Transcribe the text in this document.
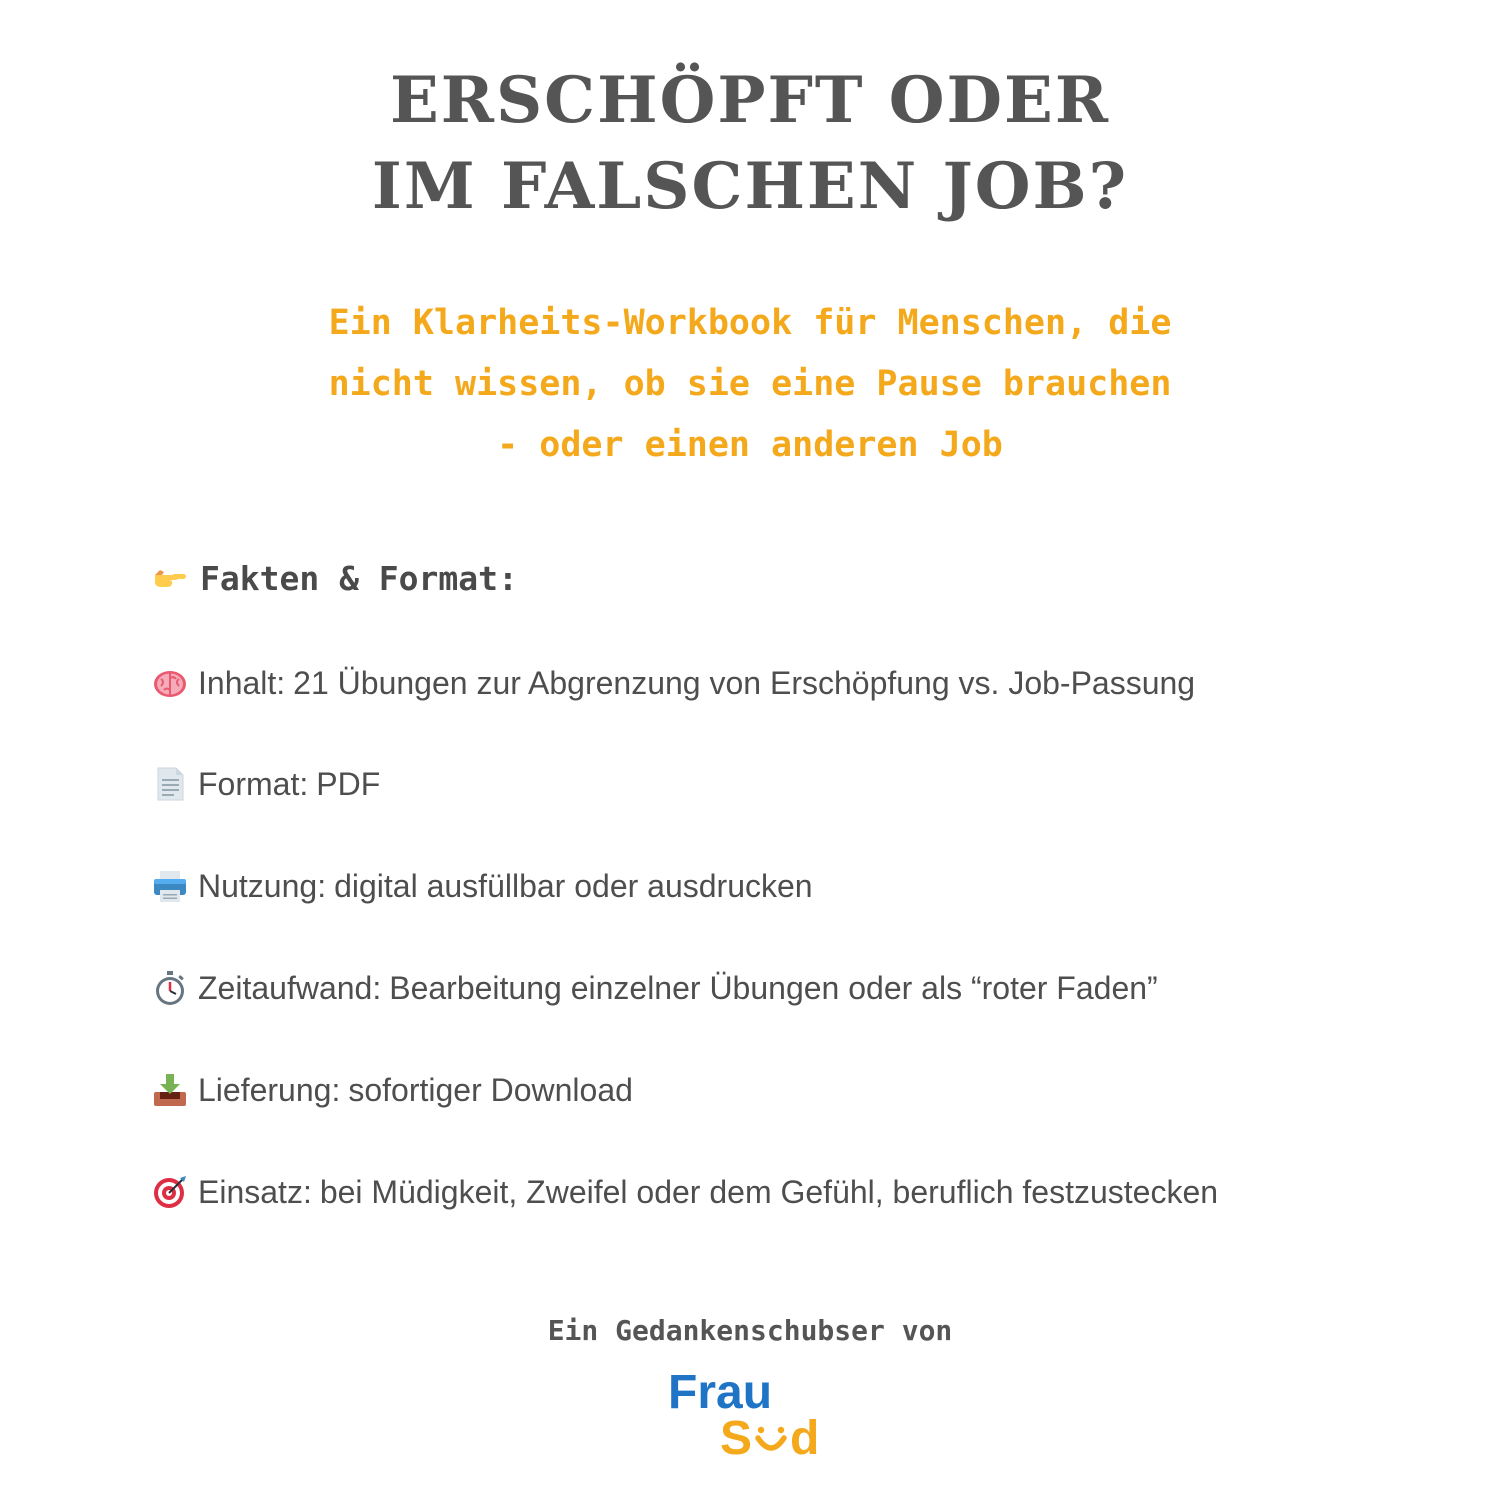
ERSCHÖPFT ODER
IM FALSCHEN JOB?

Ein Klarheits-Workbook für Menschen, die
nicht wissen, ob sie eine Pause brauchen
- oder einen anderen Job

Fakten & Format:
Inhalt: 21 Übungen zur Abgrenzung von Erschöpfung vs. Job-Passung
Format: PDF
Nutzung: digital ausfüllbar oder ausdrucken
Zeitaufwand: Bearbeitung einzelner Übungen oder als “roter Faden”
Lieferung: sofortiger Download
Einsatz: bei Müdigkeit, Zweifel oder dem Gefühl, beruflich festzustecken
Ein Gedankenschubser von
Frau
S d
